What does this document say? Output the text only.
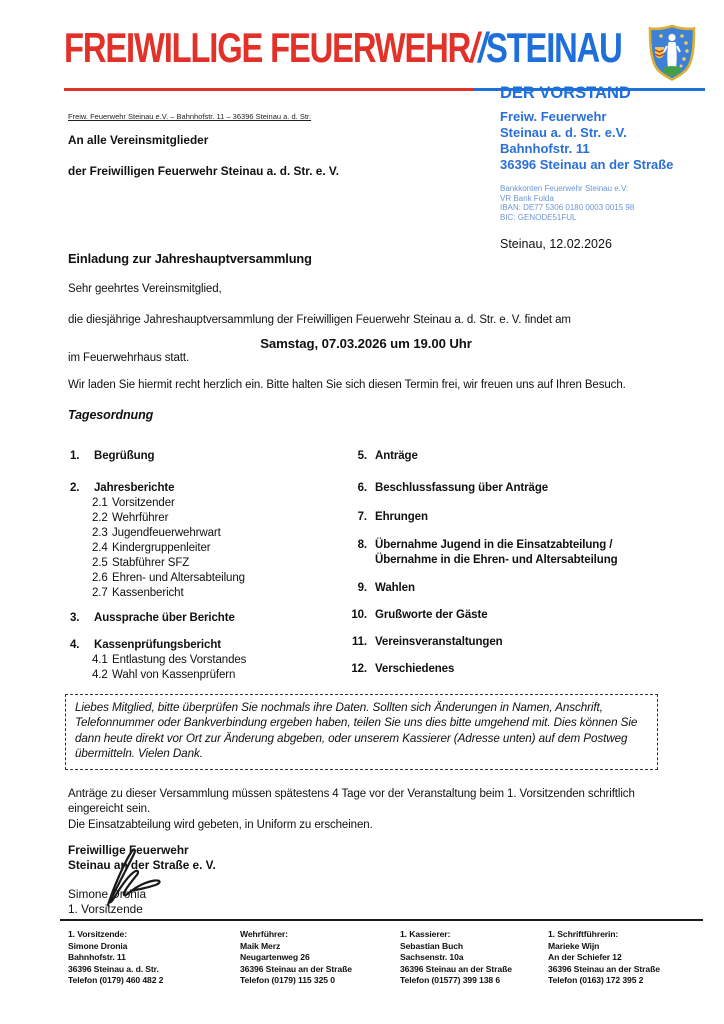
FREIWILLIGE FEUERWEHR//STEINAU
DER VORSTAND
Freiw. Feuerwehr
Steinau a. d. Str. e.V.
Bahnhofstr. 11
36396 Steinau an der Straße
Bankkonten Feuerwehr Steinau e.V:
VR Bank Fulda
IBAN: DE77 5306 0180 0003 0015 98
BIC: GENODE51FUL
Steinau, 12.02.2026
Freiw. Feuerwehr Steinau e.V. – Bahnhofstr. 11 – 36396 Steinau a. d. Str.
An alle Vereinsmitglieder
der Freiwilligen Feuerwehr Steinau a. d. Str. e. V.
Einladung zur Jahreshauptversammlung
Sehr geehrtes Vereinsmitglied,
die diesjährige Jahreshauptversammlung der Freiwilligen Feuerwehr Steinau a. d. Str. e. V. findet am
Samstag, 07.03.2026 um 19.00 Uhr
im Feuerwehrhaus statt.
Wir laden Sie hiermit recht herzlich ein. Bitte halten Sie sich diesen Termin frei, wir freuen uns auf Ihren Besuch.
Tagesordnung
1.	Begrüßung
2.	Jahresberichte
2.1 Vorsitzender
2.2 Wehrführer
2.3 Jugendfeuerwehrwart
2.4 Kindergruppenleiter
2.5 Stabführer SFZ
2.6 Ehren- und Altersabteilung
2.7 Kassenbericht
3.	Aussprache über Berichte
4.	Kassenprüfungsbericht
4.1 Entlastung des Vorstandes
4.2 Wahl von Kassenprüfern
5. Anträge
6. Beschlussfassung über Anträge
7. Ehrungen
8. Übernahme Jugend in die Einsatzabteilung / Übernahme in die Ehren- und Altersabteilung
9. Wahlen
10. Grußworte der Gäste
11. Vereinsveranstaltungen
12. Verschiedenes
Liebes Mitglied, bitte überprüfen Sie nochmals ihre Daten. Sollten sich Änderungen in Namen, Anschrift, Telefonnummer oder Bankverbindung ergeben haben, teilen Sie uns dies bitte umgehend mit. Dies können Sie dann heute direkt vor Ort zur Änderung abgeben, oder unserem Kassierer (Adresse unten) auf dem Postweg übermitteln. Vielen Dank.
Anträge zu dieser Versammlung müssen spätestens 4 Tage vor der Veranstaltung beim 1. Vorsitzenden schriftlich eingereicht sein.
Die Einsatzabteilung wird gebeten, in Uniform zu erscheinen.
Freiwillige Feuerwehr
Steinau an der Straße e. V.
Simone Dronia
1. Vorsitzende
1. Vorsitzende:
Simone Dronia
Bahnhofstr. 11
36396 Steinau a. d. Str.
Telefon (0179) 460 482 2
Wehrführer:
Maik Merz
Neugartenweg 26
36396 Steinau an der Straße
Telefon (0179) 115 325 0
1. Kassierer:
Sebastian Buch
Sachsenstr. 10a
36396 Steinau an der Straße
Telefon (01577) 399 138 6
1. Schriftführerin:
Marieke Wijn
An der Schiefer 12
36396 Steinau an der Straße
Telefon (0163) 172 395 2
